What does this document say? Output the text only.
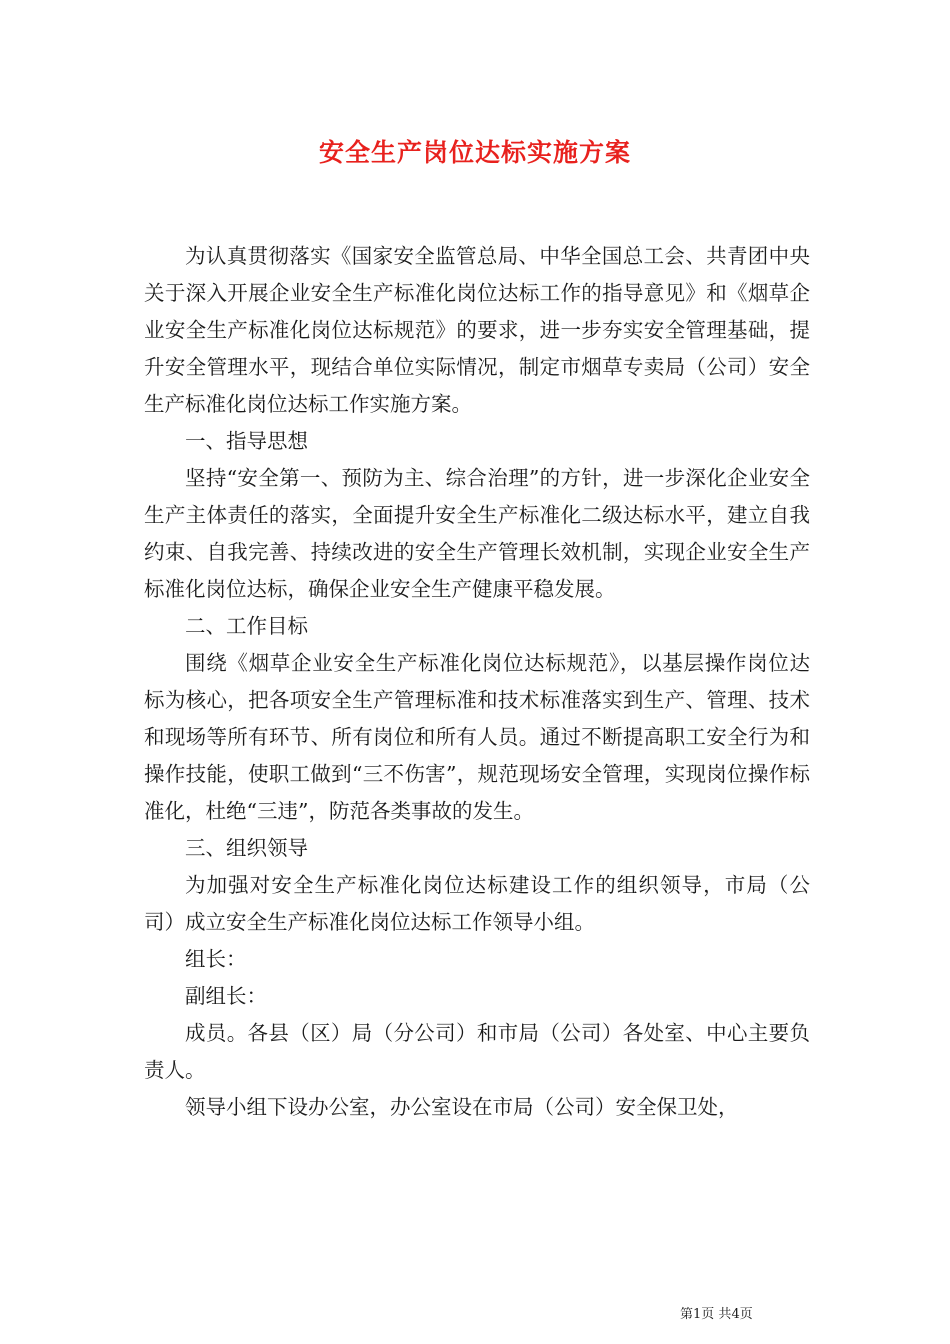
安全生产岗位达标实施方案

为认真贯彻落实《国家安全监管总局、中华全国总工会、共青团中央关于深入开展企业安全生产标准化岗位达标工作的指导意见》和《烟草企业安全生产标准化岗位达标规范》的要求，进一步夯实安全管理基础，提升安全管理水平，现结合单位实际情况，制定市烟草专卖局（公司）安全生产标准化岗位达标工作实施方案。

一、指导思想

坚持“安全第一、预防为主、综合治理”的方针，进一步深化企业安全生产主体责任的落实，全面提升安全生产标准化二级达标水平，建立自我约束、自我完善、持续改进的安全生产管理长效机制，实现企业安全生产标准化岗位达标，确保企业安全生产健康平稳发展。

二、工作目标

围绕《烟草企业安全生产标准化岗位达标规范》，以基层操作岗位达标为核心，把各项安全生产管理标准和技术标准落实到生产、管理、技术和现场等所有环节、所有岗位和所有人员。通过不断提高职工安全行为和操作技能，使职工做到“三不伤害”，规范现场安全管理，实现岗位操作标准化，杜绝“三违”，防范各类事故的发生。

三、组织领导

为加强对安全生产标准化岗位达标建设工作的组织领导，市局（公司）成立安全生产标准化岗位达标工作领导小组。

组长：

副组长：

成员。各县（区）局（分公司）和市局（公司）各处室、中心主要负责人。

领导小组下设办公室，办公室设在市局（公司）安全保卫处，

第1页 共4页
